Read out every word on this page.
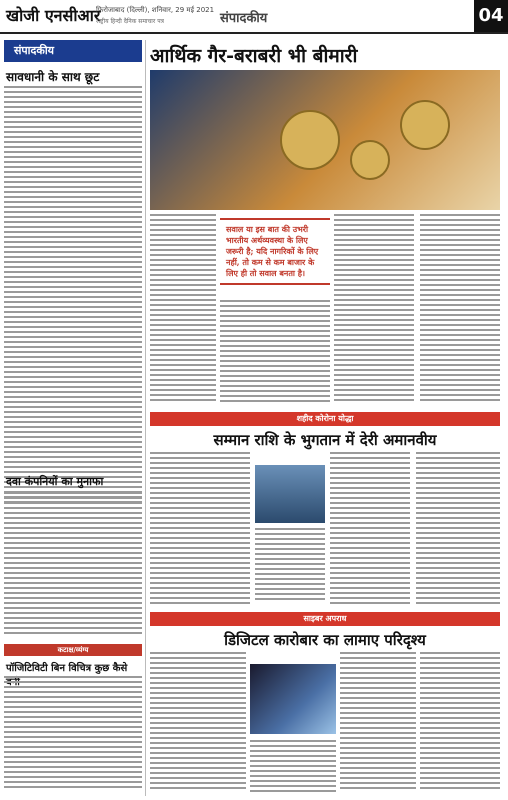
खोजी एनसीआर
फ़िरोजाबाद (दिल्ली), शनिवार, 29 मई 2021
राष्ट्रीय हिन्दी दैनिक समाचार पत्र	संपादकीय	04
संपादकीय
सावधानी के साथ छूट
दवा कंपनियों का मुनाफा
कटाक्ष/व्यंग्य
पॉजिटिविटी बिन विचित्र कुछ कैसे
आर्थिक गैर-बराबरी भी बीमारी
सवाल या इस बात की उभरी भारतीय अर्थव्यवस्था के लिए जरूरी है; यदि नागरिकों के लिए नहीं, तो कम से कम बाजार के लिए ही तो सवाल बनता है।
शहीद कोरोना योद्धा
सम्मान राशि के भुगतान में देरी अमानवीय
साइबर अपराध
डिजिटल कारोबार का लामाए परिदृश्य
